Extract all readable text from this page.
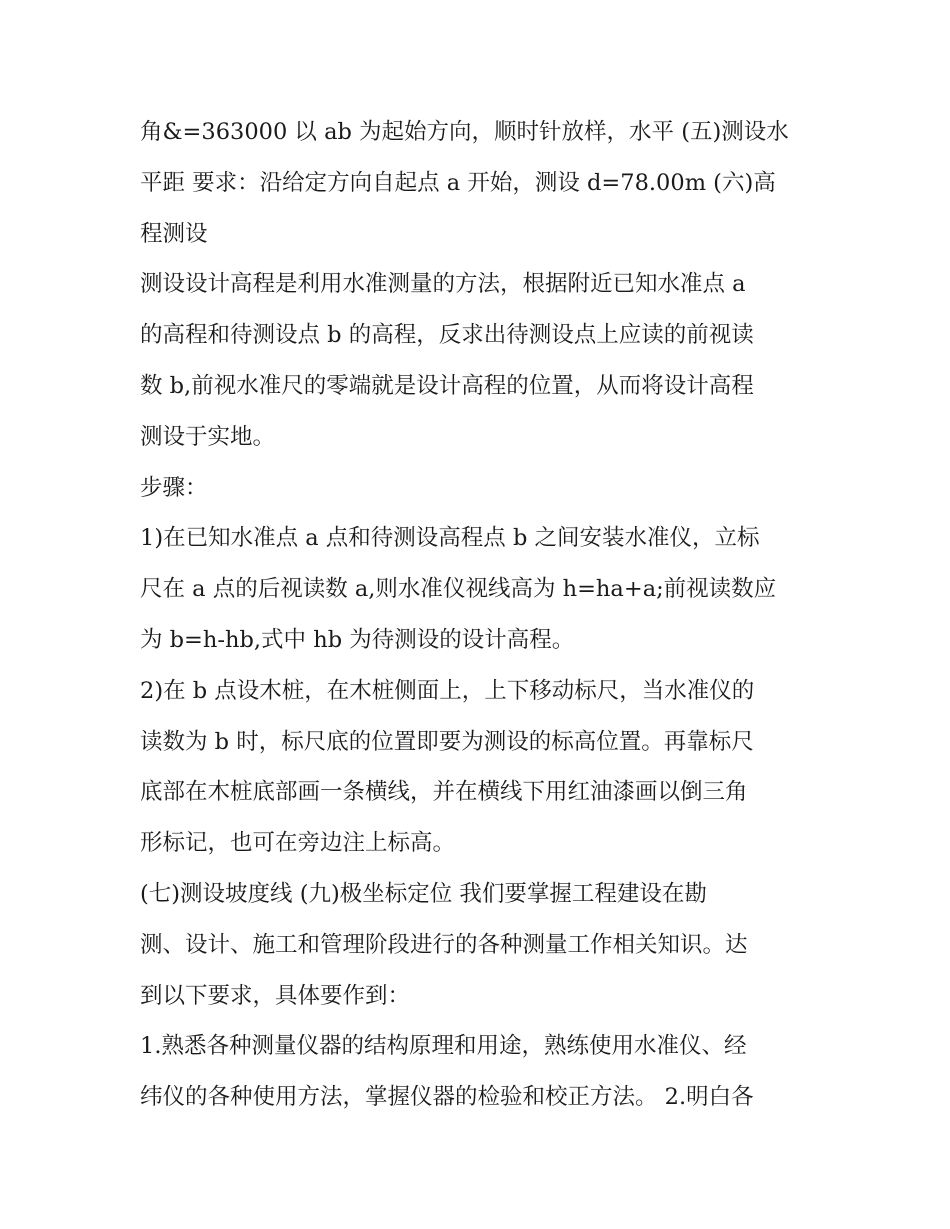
角&=363000 以 ab 为起始方向，顺时针放样，水平 (五)测设水
平距 要求：沿给定方向自起点 a 开始，测设 d=78.00m (六)高
程测设
测设设计高程是利用水准测量的方法，根据附近已知水准点 a
的高程和待测设点 b 的高程，反求出待测设点上应读的前视读
数 b,前视水准尺的零端就是设计高程的位置，从而将设计高程
测设于实地。
步骤：
1)在已知水准点 a 点和待测设高程点 b 之间安装水准仪，立标
尺在 a 点的后视读数 a,则水准仪视线高为 h=ha+a;前视读数应
为 b=h-hb,式中 hb 为待测设的设计高程。
2)在 b 点设木桩，在木桩侧面上，上下移动标尺，当水准仪的
读数为 b 时，标尺底的位置即要为测设的标高位置。再靠标尺
底部在木桩底部画一条横线，并在横线下用红油漆画以倒三角
形标记，也可在旁边注上标高。
(七)测设坡度线 (九)极坐标定位 我们要掌握工程建设在勘
测、设计、施工和管理阶段进行的各种测量工作相关知识。达
到以下要求，具体要作到：
1.熟悉各种测量仪器的结构原理和用途，熟练使用水准仪、经
纬仪的各种使用方法，掌握仪器的检验和校正方法。 2.明白各
